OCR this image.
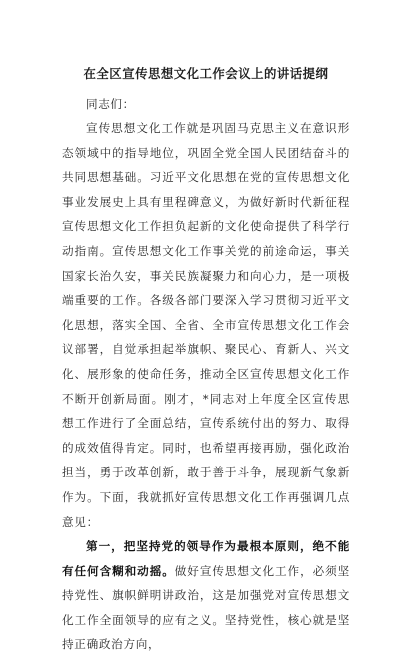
在全区宣传思想文化工作会议上的讲话提纲

同志们：

宣传思想文化工作就是巩固马克思主义在意识形态领域中的指导地位，巩固全党全国人民团结奋斗的共同思想基础。习近平文化思想在党的宣传思想文化事业发展史上具有里程碑意义，为做好新时代新征程宣传思想文化工作担负起新的文化使命提供了科学行动指南。宣传思想文化工作事关党的前途命运，事关国家长治久安，事关民族凝聚力和向心力，是一项极端重要的工作。各级各部门要深入学习贯彻习近平文化思想，落实全国、全省、全市宣传思想文化工作会议部署，自觉承担起举旗帜、聚民心、育新人、兴文化、展形象的使命任务，推动全区宣传思想文化工作不断开创新局面。刚才，*同志对上年度全区宣传思想工作进行了全面总结，宣传系统付出的努力、取得的成效值得肯定。同时，也希望再接再励，强化政治担当，勇于改革创新，敢于善于斗争，展现新气象新作为。下面，我就抓好宣传思想文化工作再强调几点意见：

第一，把坚持党的领导作为最根本原则，绝不能有任何含糊和动摇。做好宣传思想文化工作，必须坚持党性、旗帜鲜明讲政治，这是加强党对宣传思想文化工作全面领导的应有之义。坚持党性，核心就是坚持正确政治方向，
